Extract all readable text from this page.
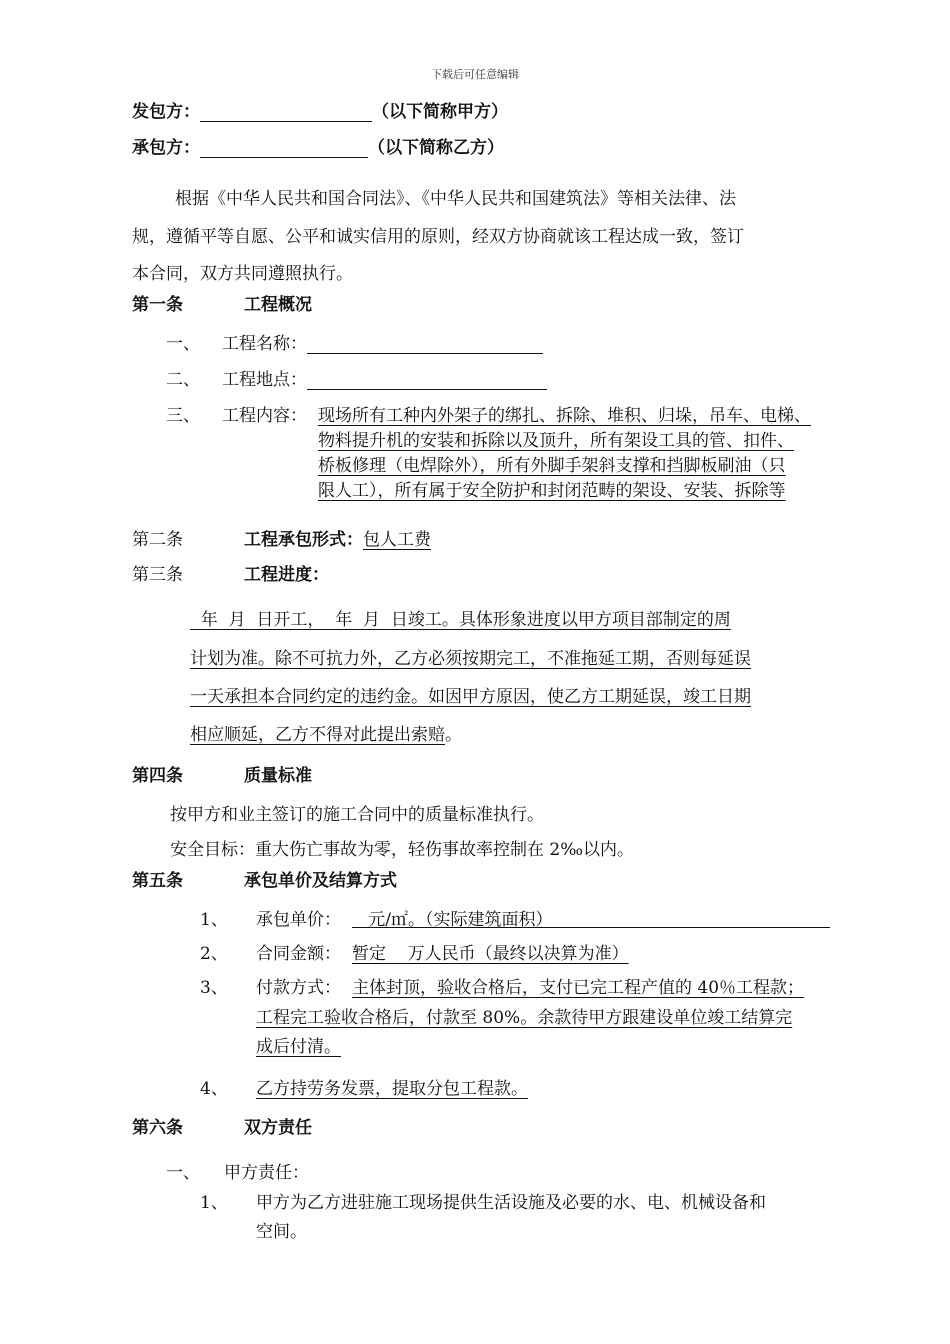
下载后可任意编辑
发包方：	（以下简称甲方）
承包方：	（以下简称乙方）
根据《中华人民共和国合同法》、《中华人民共和国建筑法》等相关法律、法
规，遵循平等自愿、公平和诚实信用的原则，经双方协商就该工程达成一致，签订
本合同，双方共同遵照执行。
第一条	工程概况
一、 工程名称：
二、 工程地点：
三、 工程内容： 现场所有工种内外架子的绑扎、拆除、堆积、归垛，吊车、电梯、
物料提升机的安装和拆除以及顶升，所有架设工具的管、扣件、
桥板修理（电焊除外），所有外脚手架斜支撑和挡脚板刷油（只
限人工），所有属于安全防护和封闭范畴的架设、安装、拆除等
第二条	工程承包形式：包人工费
第三条	工程进度：
年  月  日开工，  年  月  日竣工。具体形象进度以甲方项目部制定的周
计划为准。除不可抗力外，乙方必须按期完工，不准拖延工期，否则每延误
一天承担本合同约定的违约金。如因甲方原因，使乙方工期延误，竣工日期
相应顺延，乙方不得对此提出索赔。
第四条	质量标准
按甲方和业主签订的施工合同中的质量标准执行。
安全目标：重大伤亡事故为零，轻伤事故率控制在 2‰以内。
第五条	承包单价及结算方式
1、 承包单价： 元/㎡。（实际建筑面积）
2、 合同金额： 暂定    万人民币（最终以决算为准）
3、 付款方式： 主体封顶，验收合格后，支付已完工程产值的 40％工程款；
工程完工验收合格后，付款至 80%。余款待甲方跟建设单位竣工结算完
成后付清。
4、 乙方持劳务发票，提取分包工程款。
第六条	双方责任
一、 甲方责任：
1、 甲方为乙方进驻施工现场提供生活设施及必要的水、电、机械设备和
空间。
